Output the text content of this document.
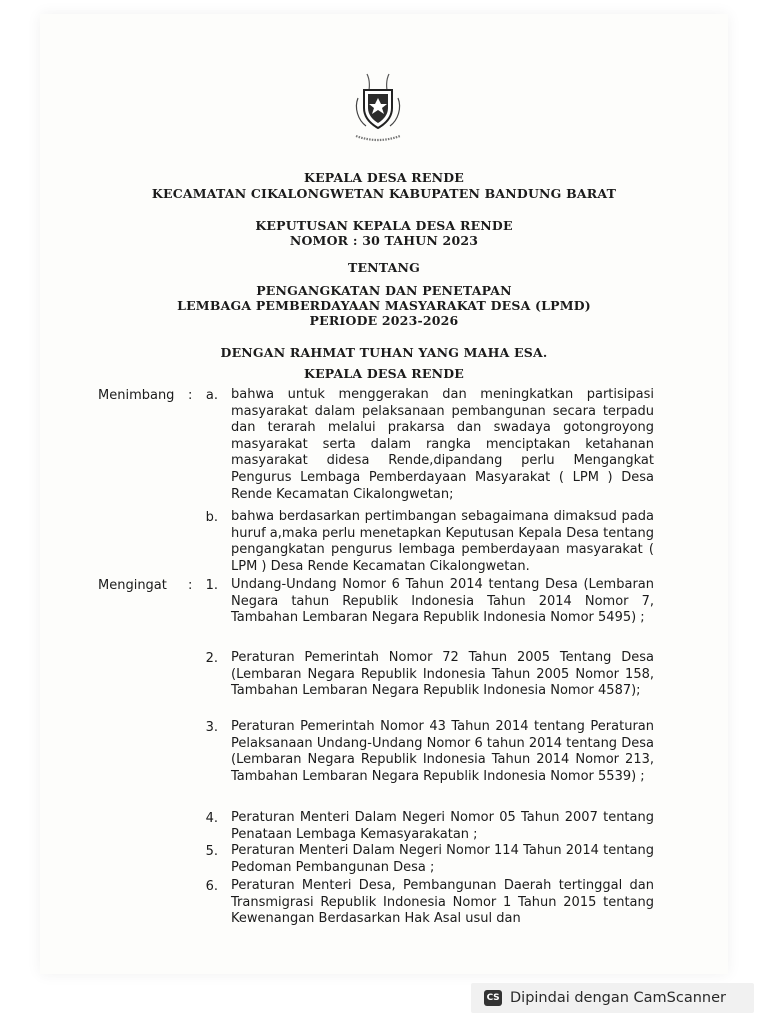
KEPALA DESA RENDE
KECAMATAN CIKALONGWETAN KABUPATEN BANDUNG BARAT
KEPUTUSAN KEPALA DESA RENDE
NOMOR : 30 TAHUN 2023
TENTANG
PENGANGKATAN DAN PENETAPAN
LEMBAGA PEMBERDAYAAN MASYARAKAT DESA (LPMD)
PERIODE 2023-2026
DENGAN RAHMAT TUHAN YANG MAHA ESA.
KEPALA DESA RENDE
Menimbang :	a. bahwa untuk menggerakan dan meningkatkan partisipasi masyarakat dalam pelaksanaan pembangunan secara terpadu dan terarah melalui prakarsa dan swadaya gotongroyong masyarakat serta dalam rangka menciptakan ketahanan masyarakat didesa Rende,dipandang perlu Mengangkat Pengurus Lembaga Pemberdayaan Masyarakat ( LPM ) Desa Rende Kecamatan Cikalongwetan;
b. bahwa berdasarkan pertimbangan sebagaimana dimaksud pada huruf a,maka perlu menetapkan Keputusan Kepala Desa tentang pengangkatan pengurus lembaga pemberdayaan masyarakat ( LPM ) Desa Rende Kecamatan Cikalongwetan.
Mengingat :	1. Undang-Undang Nomor 6 Tahun 2014 tentang Desa (Lembaran Negara tahun Republik Indonesia Tahun 2014 Nomor 7, Tambahan Lembaran Negara Republik Indonesia Nomor 5495) ;
2. Peraturan Pemerintah Nomor 72 Tahun 2005 Tentang Desa (Lembaran Negara Republik Indonesia Tahun 2005 Nomor 158, Tambahan Lembaran Negara Republik Indonesia Nomor 4587);
3. Peraturan Pemerintah Nomor 43 Tahun 2014 tentang Peraturan Pelaksanaan Undang-Undang Nomor 6 tahun 2014 tentang Desa (Lembaran Negara Republik Indonesia Tahun 2014 Nomor 213, Tambahan Lembaran Negara Republik Indonesia Nomor 5539) ;
4. Peraturan Menteri Dalam Negeri Nomor 05 Tahun 2007 tentang Penataan Lembaga Kemasyarakatan ;
5. Peraturan Menteri Dalam Negeri Nomor 114 Tahun 2014 tentang Pedoman Pembangunan Desa ;
6. Peraturan Menteri Desa, Pembangunan Daerah tertinggal dan Transmigrasi Republik Indonesia Nomor 1 Tahun 2015 tentang Kewenangan Berdasarkan Hak Asal usul dan
CS Dipindai dengan CamScanner
